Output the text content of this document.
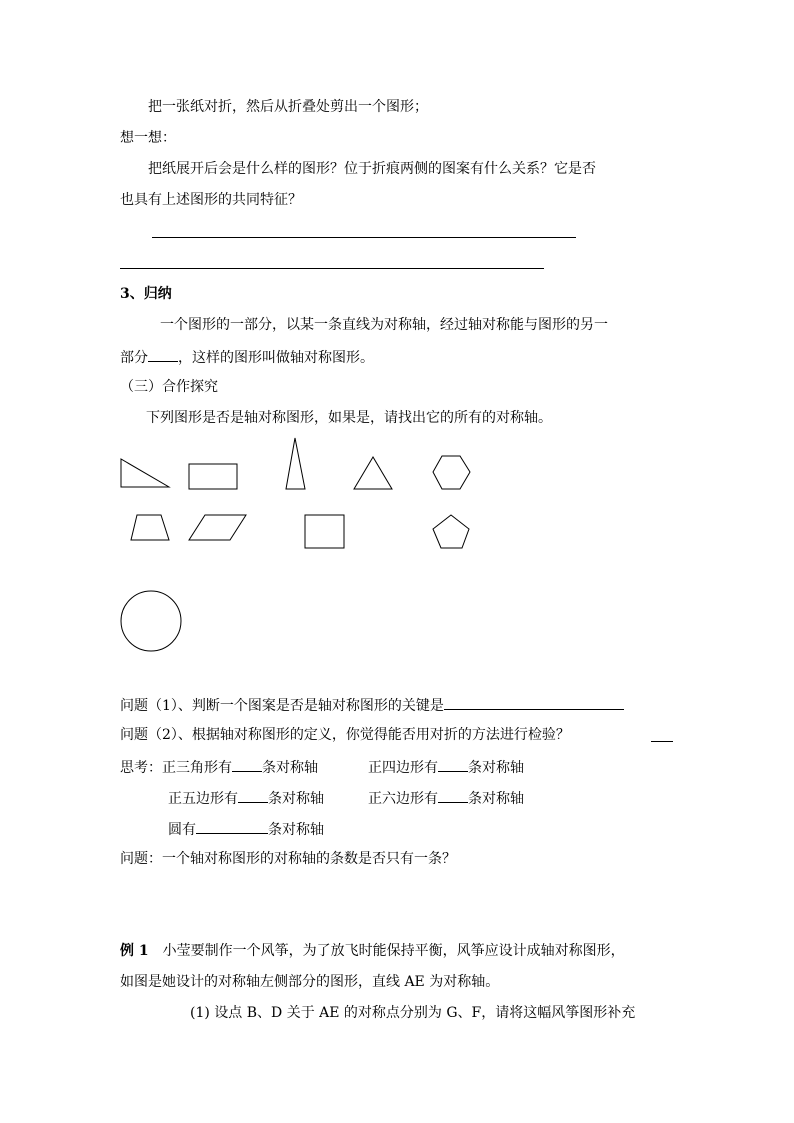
把一张纸对折，然后从折叠处剪出一个图形；
想一想：
把纸展开后会是什么样的图形？位于折痕两侧的图案有什么关系？它是否
也具有上述图形的共同特征？
3、归纳
一个图形的一部分，以某一条直线为对称轴，经过轴对称能与图形的另一
部分 ，这样的图形叫做轴对称图形。
（三）合作探究
下列图形是否是轴对称图形，如果是，请找出它的所有的对称轴。
问题（1）、判断一个图案是否是轴对称图形的关键是
问题（2）、根据轴对称图形的定义，你觉得能否用对折的方法进行检验？
思考：正三角形有 条对称轴	正四边形有 条对称轴
正五边形有 条对称轴	正六边形有 条对称轴
圆有	条对称轴
问题：一个轴对称图形的对称轴的条数是否只有一条？
例 1 小莹要制作一个风筝，为了放飞时能保持平衡，风筝应设计成轴对称图形，
如图是她设计的对称轴左侧部分的图形，直线 AE 为对称轴。
(1) 设点 B、D 关于 AE 的对称点分别为 G、F，请将这幅风筝图形补充
